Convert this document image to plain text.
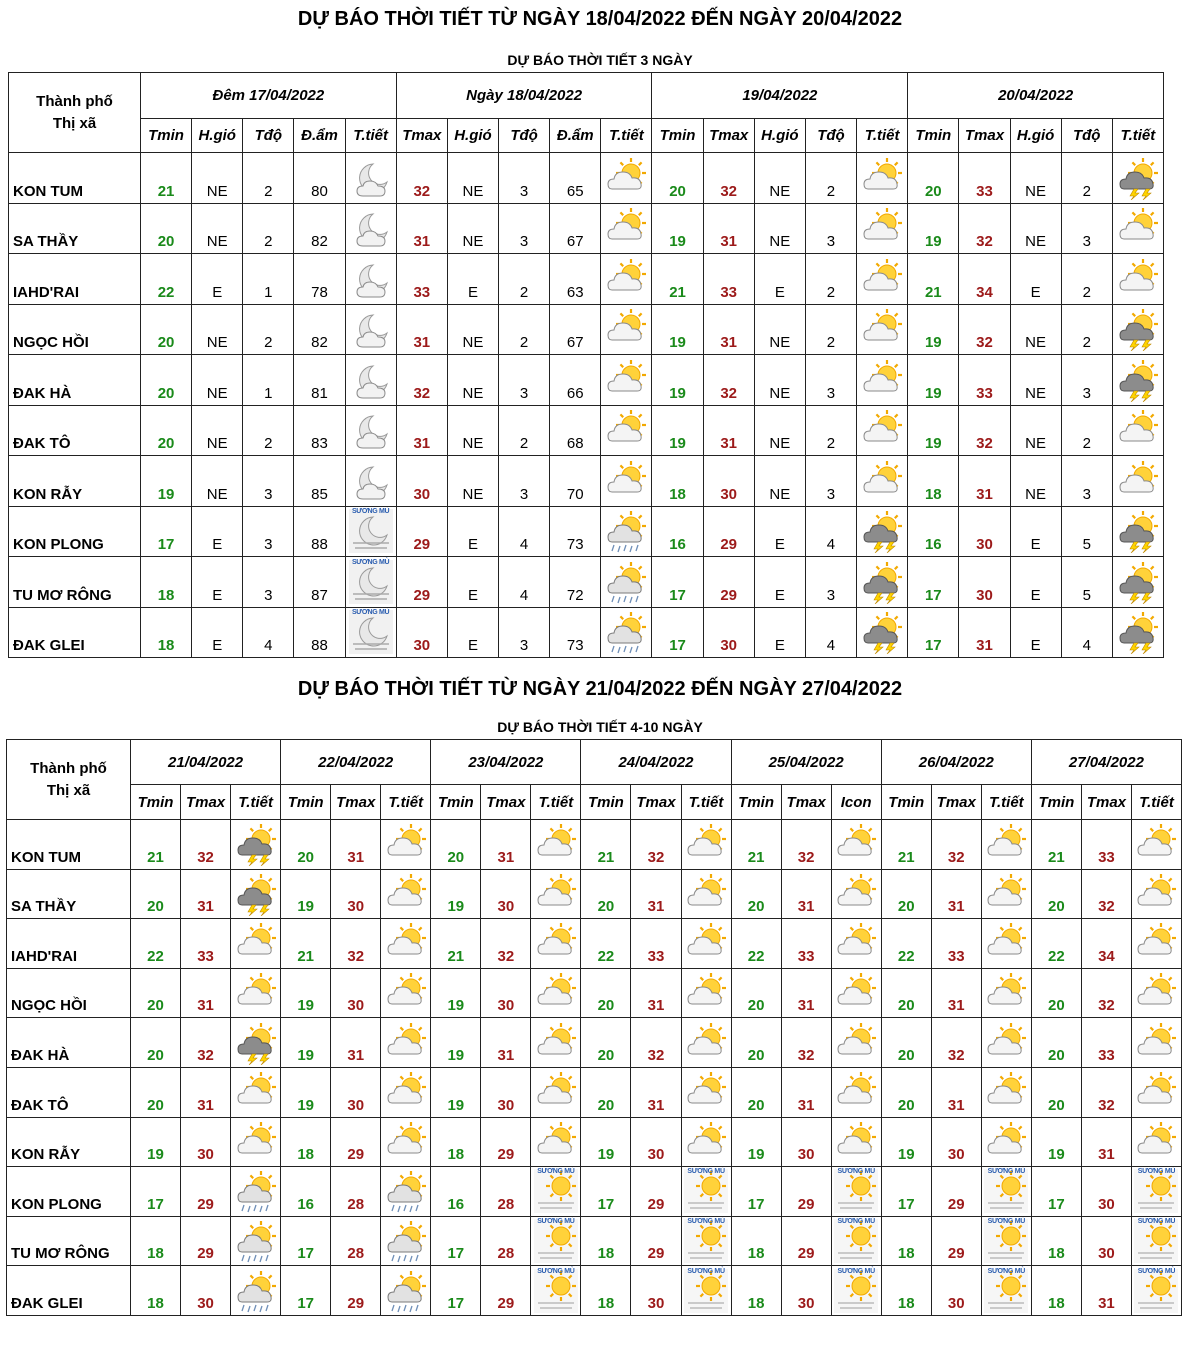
DỰ BÁO THỜI TIẾT TỪ NGÀY 18/04/2022 ĐẾN NGÀY 20/04/2022
DỰ BÁO THỜI TIẾT 3 NGÀY
Thành phố
Thị xã	Đêm 17/04/2022					Ngày 18/04/2022					19/04/2022					20/04/2022				
	Tmin	H.gió	Tđộ	Đ.ẩm	T.tiết	Tmax	H.gió	Tđộ	Đ.ẩm	T.tiết	Tmin	Tmax	H.gió	Tđộ	T.tiết	Tmin	Tmax	H.gió	Tđộ	T.tiết
KON TUM	21	NE	2	80		32	NE	3	65		20	32	NE	2		20	33	NE	2	

SA THẦY	20	NE	2	82		31	NE	3	67		19	31	NE	3		19	32	NE	3	

IAHD'RAI	22	E	1	78		33	E	2	63		21	33	E	2		21	34	E	2	

NGỌC HỒI	20	NE	2	82		31	NE	2	67		19	31	NE	2		19	32	NE	2	

ĐAK HÀ	20	NE	1	81		32	NE	3	66		19	32	NE	3		19	33	NE	3	

ĐAK TÔ	20	NE	2	83		31	NE	2	68		19	31	NE	2		19	32	NE	2	

KON RẪY	19	NE	3	85		30	NE	3	70		18	30	NE	3		18	31	NE	3	

KON PLONG	17	E	3	88	SƯƠNG MÙ	29	E	4	73		16	29	E	4		16	30	E	5	

TU MƠ RÔNG	18	E	3	87	SƯƠNG MÙ	29	E	4	72		17	29	E	3		17	30	E	5	

ĐAK GLEI	18	E	4	88	SƯƠNG MÙ	30	E	3	73		17	30	E	4		17	31	E	4	
DỰ BÁO THỜI TIẾT TỪ NGÀY 21/04/2022 ĐẾN NGÀY 27/04/2022
DỰ BÁO THỜI TIẾT 4-10 NGÀY
Thành phố
Thị xã	21/04/2022			22/04/2022			23/04/2022			24/04/2022			25/04/2022			26/04/2022			27/04/2022		
	Tmin	Tmax	T.tiết	Tmin	Tmax	T.tiết	Tmin	Tmax	T.tiết	Tmin	Tmax	T.tiết	Tmin	Tmax	Icon	Tmin	Tmax	T.tiết	Tmin	Tmax	T.tiết
KON TUM	21	32		20	31		20	31		21	32		21	32		21	32		21	33	

SA THẦY	20	31		19	30		19	30		20	31		20	31		20	31		20	32	

IAHD'RAI	22	33		21	32		21	32		22	33		22	33		22	33		22	34	

NGỌC HỒI	20	31		19	30		19	30		20	31		20	31		20	31		20	32	

ĐAK HÀ	20	32		19	31		19	31		20	32		20	32		20	32		20	33	

ĐAK TÔ	20	31		19	30		19	30		20	31		20	31		20	31		20	32	

KON RẪY	19	30		18	29		18	29		19	30		19	30		19	30		19	31	

KON PLONG	17	29		16	28		16	28	SƯƠNG MÙ	17	29	SƯƠNG MÙ	17	29	SƯƠNG MÙ	17	29	SƯƠNG MÙ	17	30	SƯƠNG MÙ

TU MƠ RÔNG	18	29		17	28		17	28	SƯƠNG MÙ	18	29	SƯƠNG MÙ	18	29	SƯƠNG MÙ	18	29	SƯƠNG MÙ	18	30	SƯƠNG MÙ

ĐAK GLEI	18	30		17	29		17	29	SƯƠNG MÙ	18	30	SƯƠNG MÙ	18	30	SƯƠNG MÙ	18	30	SƯƠNG MÙ	18	31	SƯƠNG MÙ
